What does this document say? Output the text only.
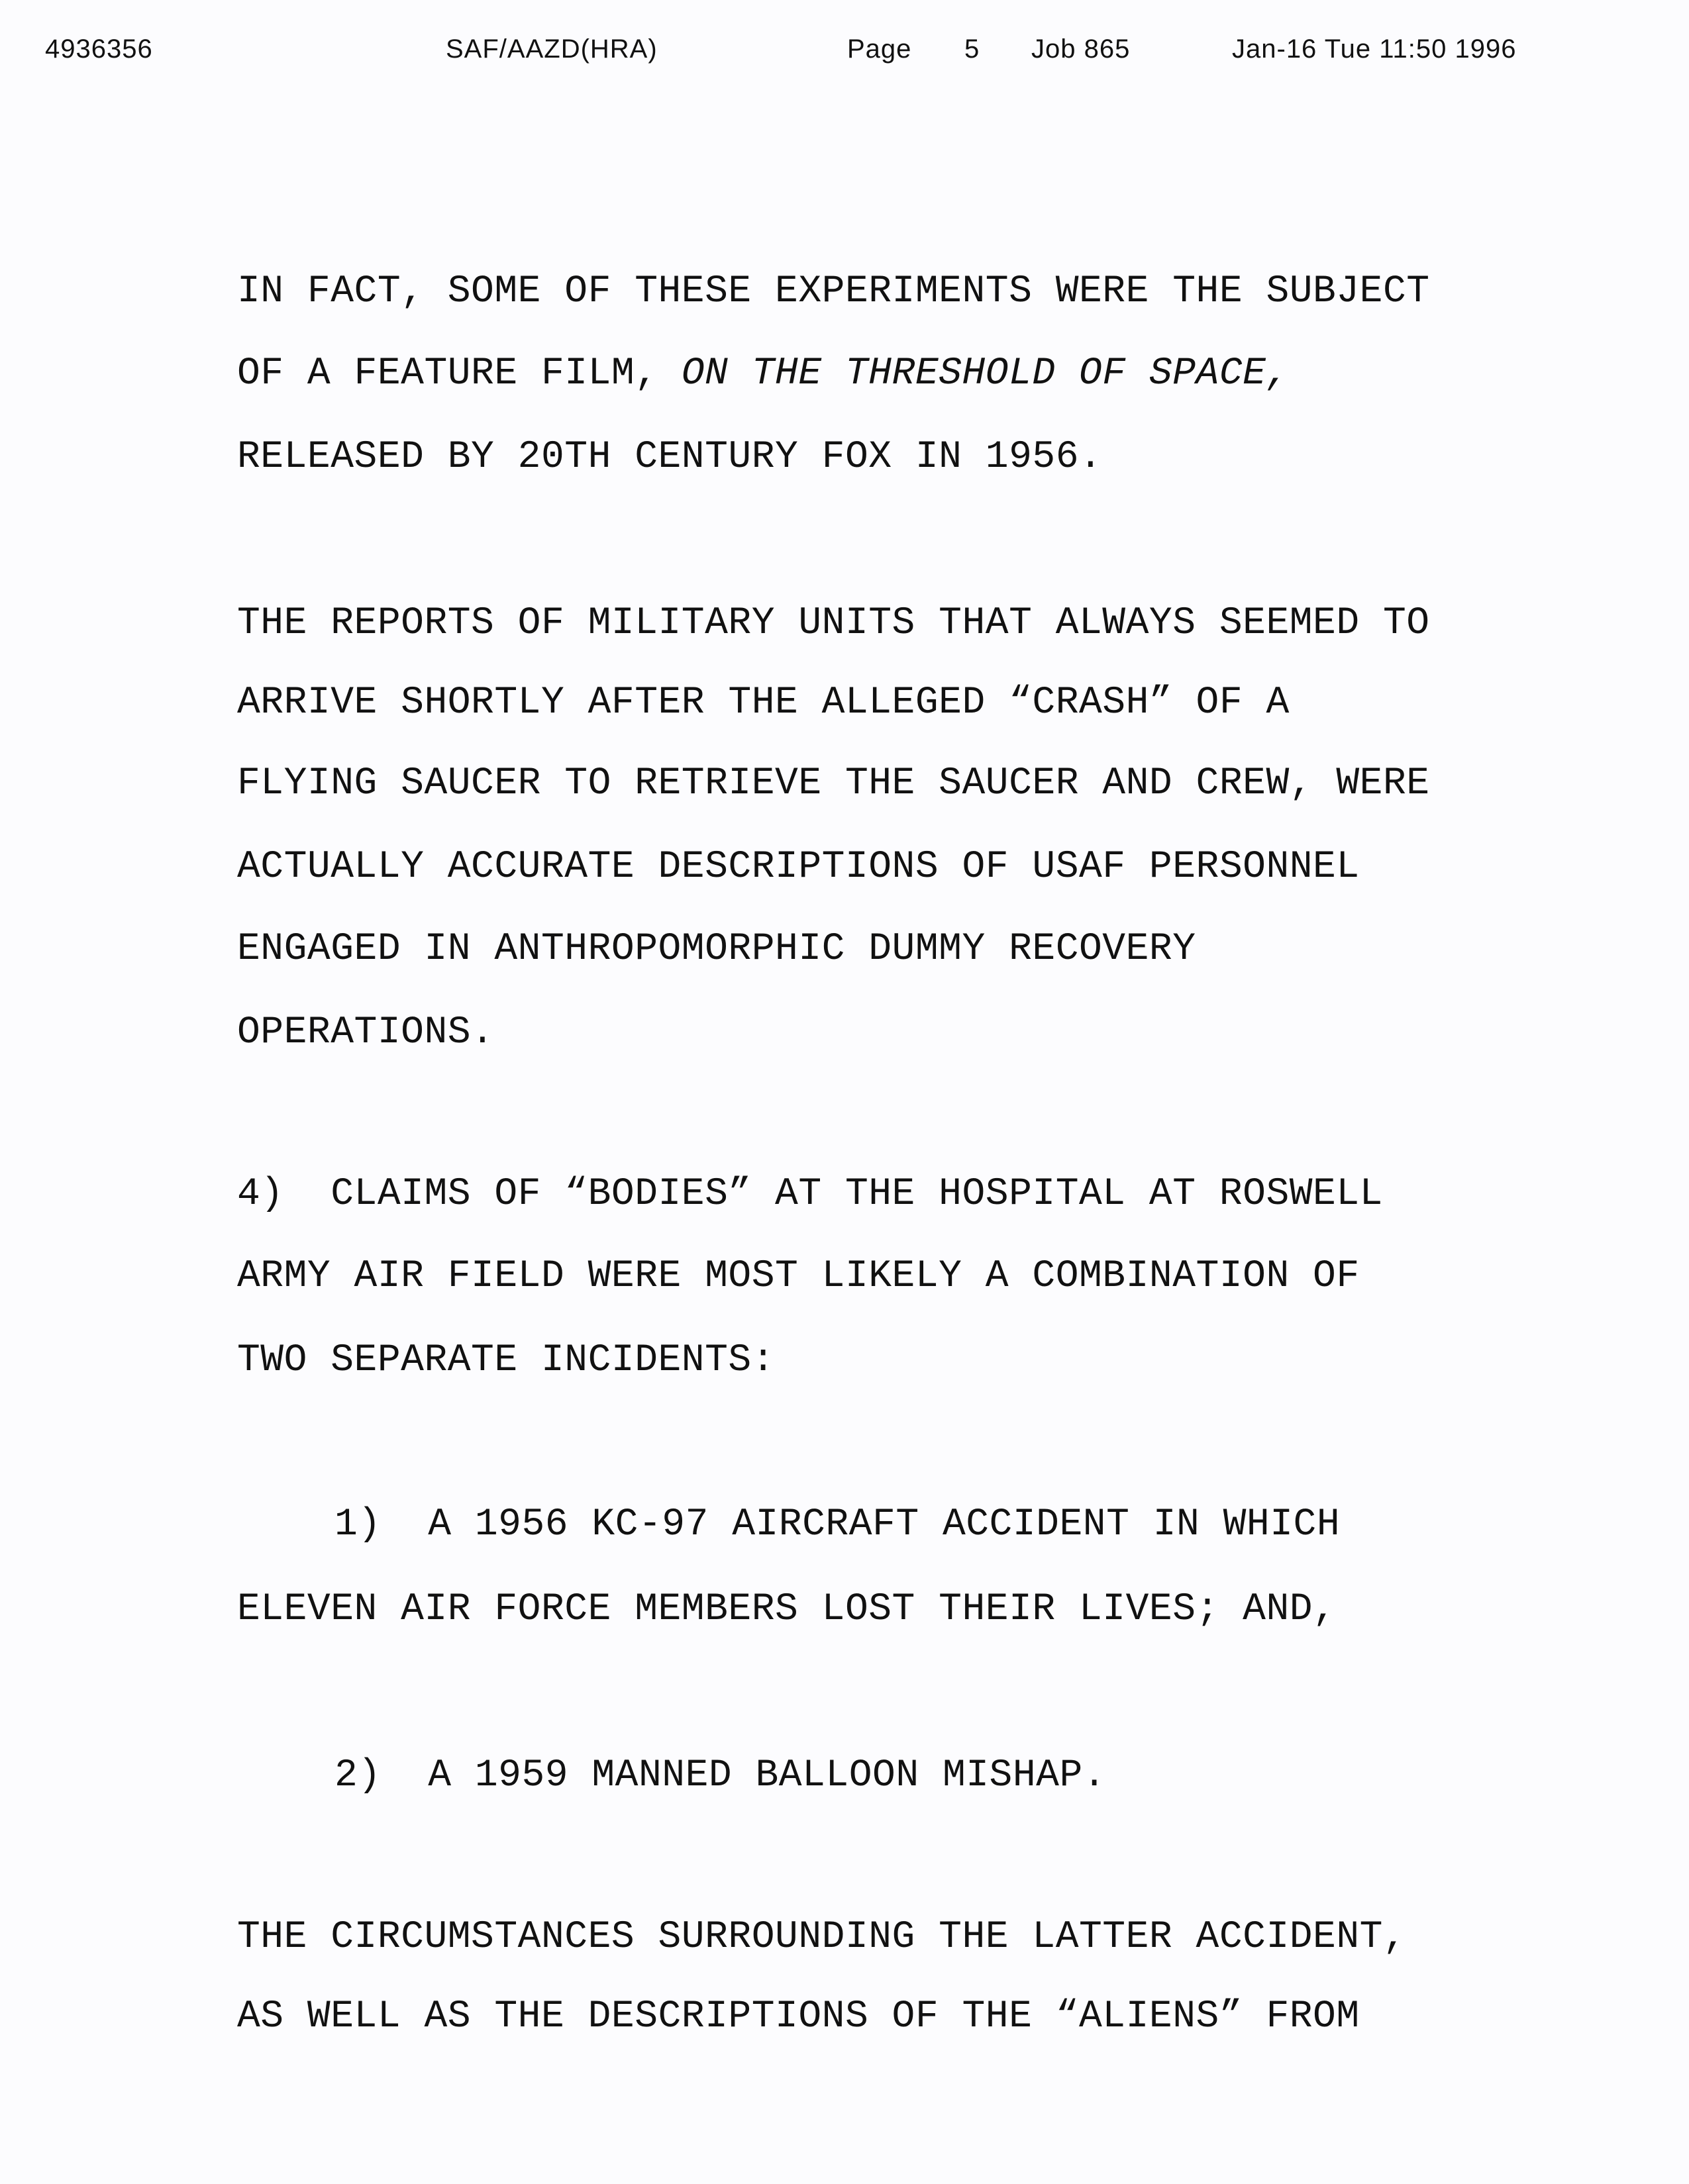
4936356	SAF/AAZD(HRA)	Page 5 Job 865	Jan-16 Tue 11:50 1996
IN FACT, SOME OF THESE EXPERIMENTS WERE THE SUBJECT
OF A FEATURE FILM, ON THE THRESHOLD OF SPACE,
RELEASED BY 20TH CENTURY FOX IN 1956.
THE REPORTS OF MILITARY UNITS THAT ALWAYS SEEMED TO
ARRIVE SHORTLY AFTER THE ALLEGED “CRASH” OF A
FLYING SAUCER TO RETRIEVE THE SAUCER AND CREW, WERE
ACTUALLY ACCURATE DESCRIPTIONS OF USAF PERSONNEL
ENGAGED IN ANTHROPOMORPHIC DUMMY RECOVERY
OPERATIONS.
4)  CLAIMS OF “BODIES” AT THE HOSPITAL AT ROSWELL
ARMY AIR FIELD WERE MOST LIKELY A COMBINATION OF
TWO SEPARATE INCIDENTS:
1)  A 1956 KC-97 AIRCRAFT ACCIDENT IN WHICH
ELEVEN AIR FORCE MEMBERS LOST THEIR LIVES; AND,
2)  A 1959 MANNED BALLOON MISHAP.
THE CIRCUMSTANCES SURROUNDING THE LATTER ACCIDENT,
AS WELL AS THE DESCRIPTIONS OF THE “ALIENS” FROM
